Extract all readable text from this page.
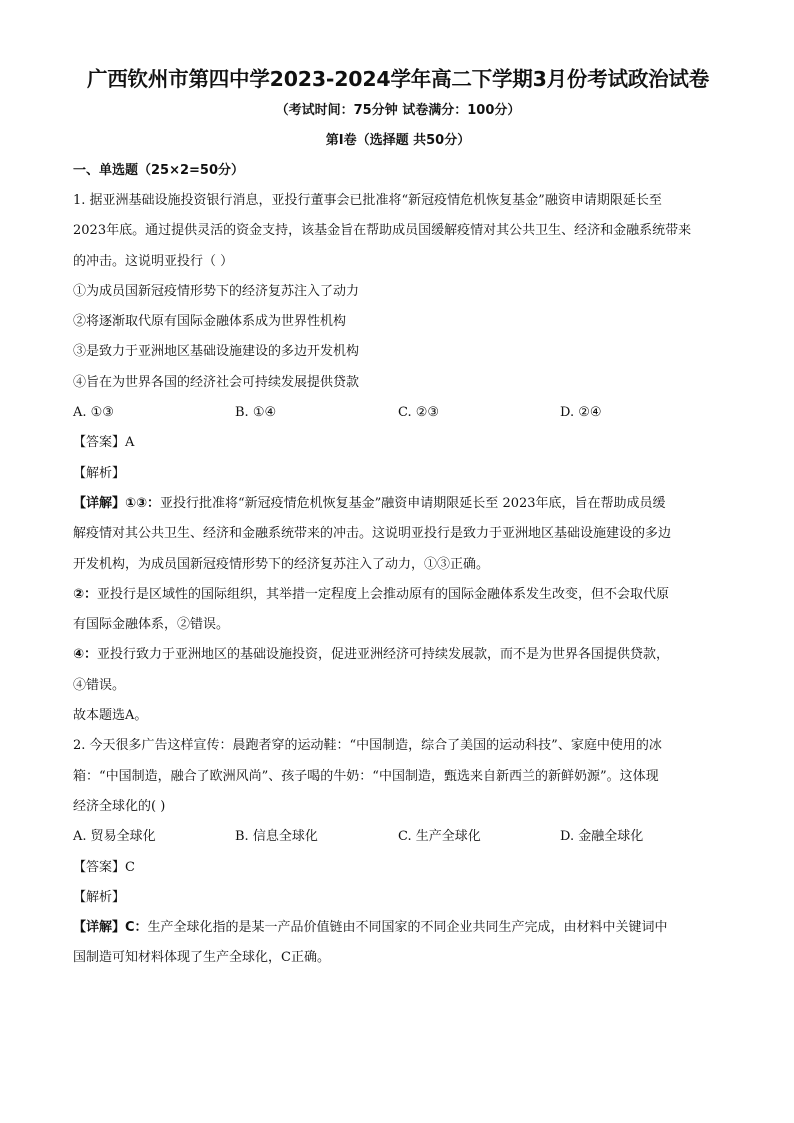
广西钦州市第四中学2023-2024学年高二下学期3月份考试政治试卷
（考试时间：75分钟 试卷满分：100分）
第I卷（选择题 共50分）
一、单选题（25×2=50分）
1. 据亚洲基础设施投资银行消息，亚投行董事会已批准将“新冠疫情危机恢复基金”融资申请期限延长至
2023年底。通过提供灵活的资金支持，该基金旨在帮助成员国缓解疫情对其公共卫生、经济和金融系统带来
的冲击。这说明亚投行（ ）
①为成员国新冠疫情形势下的经济复苏注入了动力
②将逐渐取代原有国际金融体系成为世界性机构
③是致力于亚洲地区基础设施建设的多边开发机构
④旨在为世界各国的经济社会可持续发展提供贷款
A. ①③	B. ①④	C. ②③	D. ②④
【答案】A
【解析】
【详解】①③：亚投行批准将“新冠疫情危机恢复基金”融资申请期限延长至 2023年底，旨在帮助成员缓
解疫情对其公共卫生、经济和金融系统带来的冲击。这说明亚投行是致力于亚洲地区基础设施建设的多边
开发机构，为成员国新冠疫情形势下的经济复苏注入了动力，①③正确。
②：亚投行是区域性的国际组织，其举措一定程度上会推动原有的国际金融体系发生改变，但不会取代原
有国际金融体系，②错误。
④：亚投行致力于亚洲地区的基础设施投资，促进亚洲经济可持续发展款，而不是为世界各国提供贷款，
④错误。
故本题选A。
2. 今天很多广告这样宣传：晨跑者穿的运动鞋：“中国制造，综合了美国的运动科技”、家庭中使用的冰
箱：“中国制造，融合了欧洲风尚”、孩子喝的牛奶：“中国制造，甄选来自新西兰的新鲜奶源”。这体现
经济全球化的( )
A. 贸易全球化	B. 信息全球化	C. 生产全球化	D. 金融全球化
【答案】C
【解析】
【详解】C：生产全球化指的是某一产品价值链由不同国家的不同企业共同生产完成，由材料中关键词中
国制造可知材料体现了生产全球化，C正确。
